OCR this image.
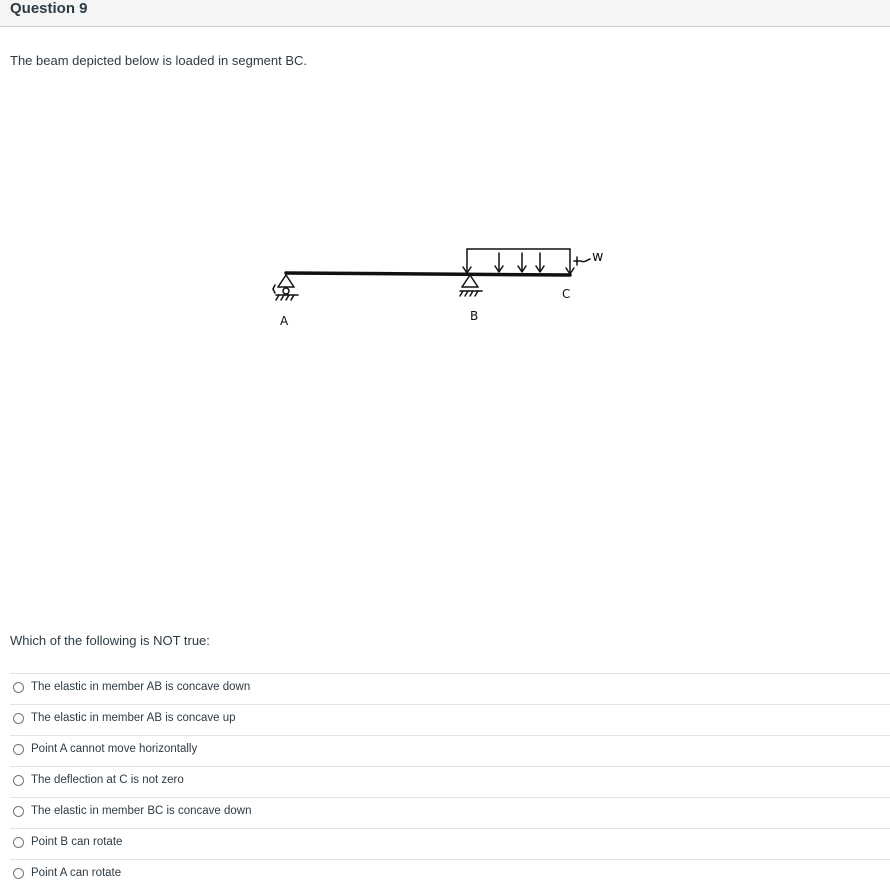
Question 9
The beam depicted below is loaded in segment BC.
A	B
C
w
Which of the following is NOT true:
The elastic in member AB is concave down
The elastic in member AB is concave up
Point A cannot move horizontally
The deflection at C is not zero
The elastic in member BC is concave down
Point B can rotate
Point A can rotate
